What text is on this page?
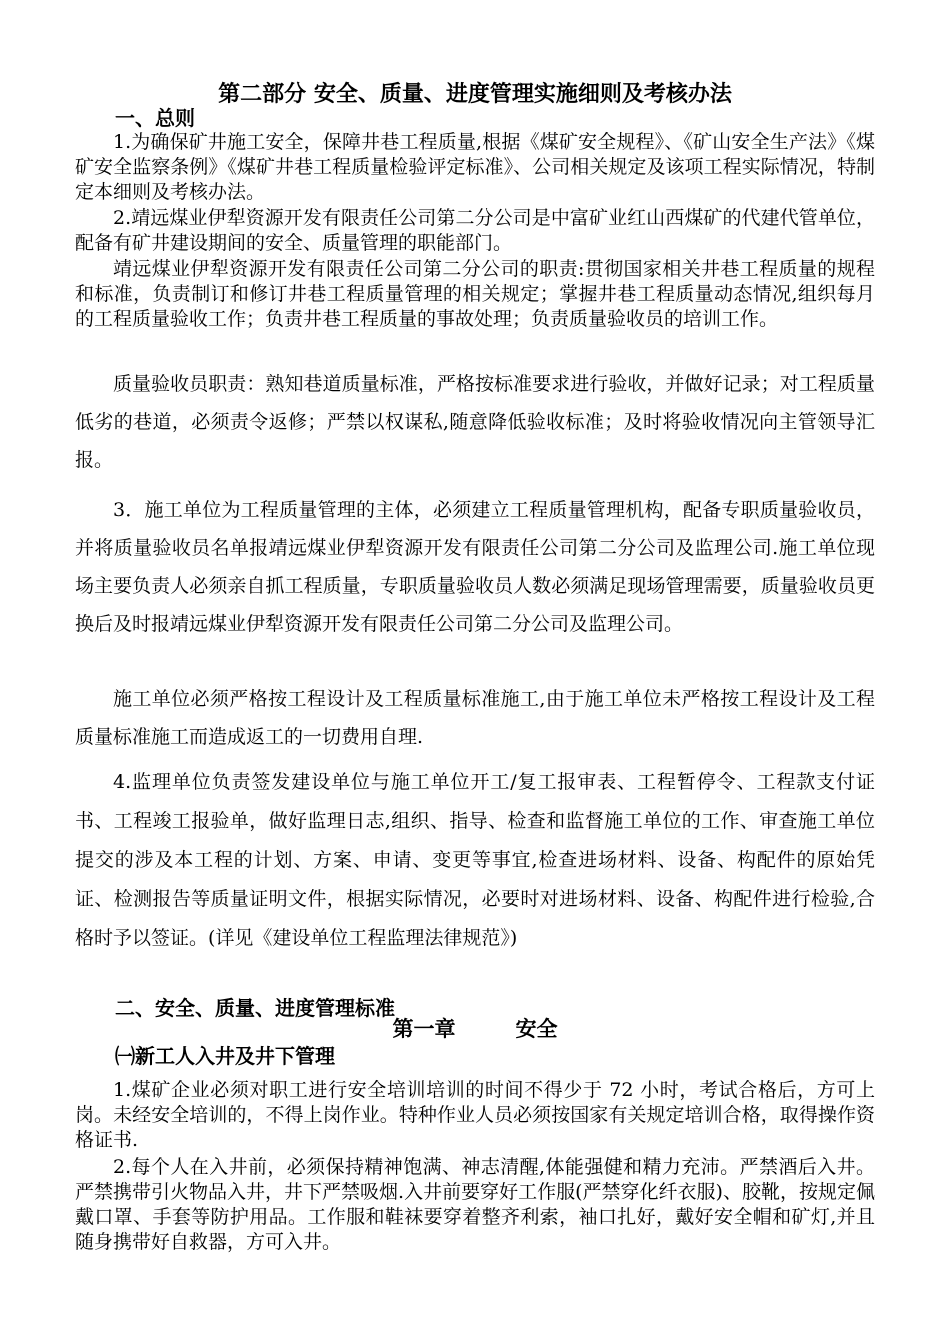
第二部分 安全、质量、进度管理实施细则及考核办法
一、总则

1.为确保矿井施工安全，保障井巷工程质量,根据《煤矿安全规程》、《矿山安全生产法》《煤矿安全监察条例》《煤矿井巷工程质量检验评定标准》、公司相关规定及该项工程实际情况，特制定本细则及考核办法。

2.靖远煤业伊犁资源开发有限责任公司第二分公司是中富矿业红山西煤矿的代建代管单位，配备有矿井建设期间的安全、质量管理的职能部门。

靖远煤业伊犁资源开发有限责任公司第二分公司的职责:贯彻国家相关井巷工程质量的规程和标准，负责制订和修订井巷工程质量管理的相关规定；掌握井巷工程质量动态情况,组织每月的工程质量验收工作；负责井巷工程质量的事故处理；负责质量验收员的培训工作。

质量验收员职责：熟知巷道质量标准，严格按标准要求进行验收，并做好记录；对工程质量低劣的巷道，必须责令返修；严禁以权谋私,随意降低验收标准；及时将验收情况向主管领导汇报。

3．施工单位为工程质量管理的主体，必须建立工程质量管理机构，配备专职质量验收员，并将质量验收员名单报靖远煤业伊犁资源开发有限责任公司第二分公司及监理公司.施工单位现场主要负责人必须亲自抓工程质量，专职质量验收员人数必须满足现场管理需要，质量验收员更换后及时报靖远煤业伊犁资源开发有限责任公司第二分公司及监理公司。

施工单位必须严格按工程设计及工程质量标准施工,由于施工单位未严格按工程设计及工程质量标准施工而造成返工的一切费用自理.

4.监理单位负责签发建设单位与施工单位开工/复工报审表、工程暂停令、工程款支付证书、工程竣工报验单，做好监理日志,组织、指导、检查和监督施工单位的工作、审查施工单位提交的涉及本工程的计划、方案、申请、变更等事宜,检查进场材料、设备、构配件的原始凭证、检测报告等质量证明文件，根据实际情况，必要时对进场材料、设备、构配件进行检验,合格时予以签证。(详见《建设单位工程监理法律规范》)

二、安全、质量、进度管理标准
第一章	安全
㈠新工人入井及井下管理

1.煤矿企业必须对职工进行安全培训培训的时间不得少于 72 小时，考试合格后，方可上岗。未经安全培训的，不得上岗作业。特种作业人员必须按国家有关规定培训合格，取得操作资格证书.

2.每个人在入井前，必须保持精神饱满、神志清醒,体能强健和精力充沛。严禁酒后入井。严禁携带引火物品入井，井下严禁吸烟.入井前要穿好工作服(严禁穿化纤衣服)、胶靴，按规定佩戴口罩、手套等防护用品。工作服和鞋袜要穿着整齐利索，袖口扎好，戴好安全帽和矿灯,并且随身携带好自救器，方可入井。
